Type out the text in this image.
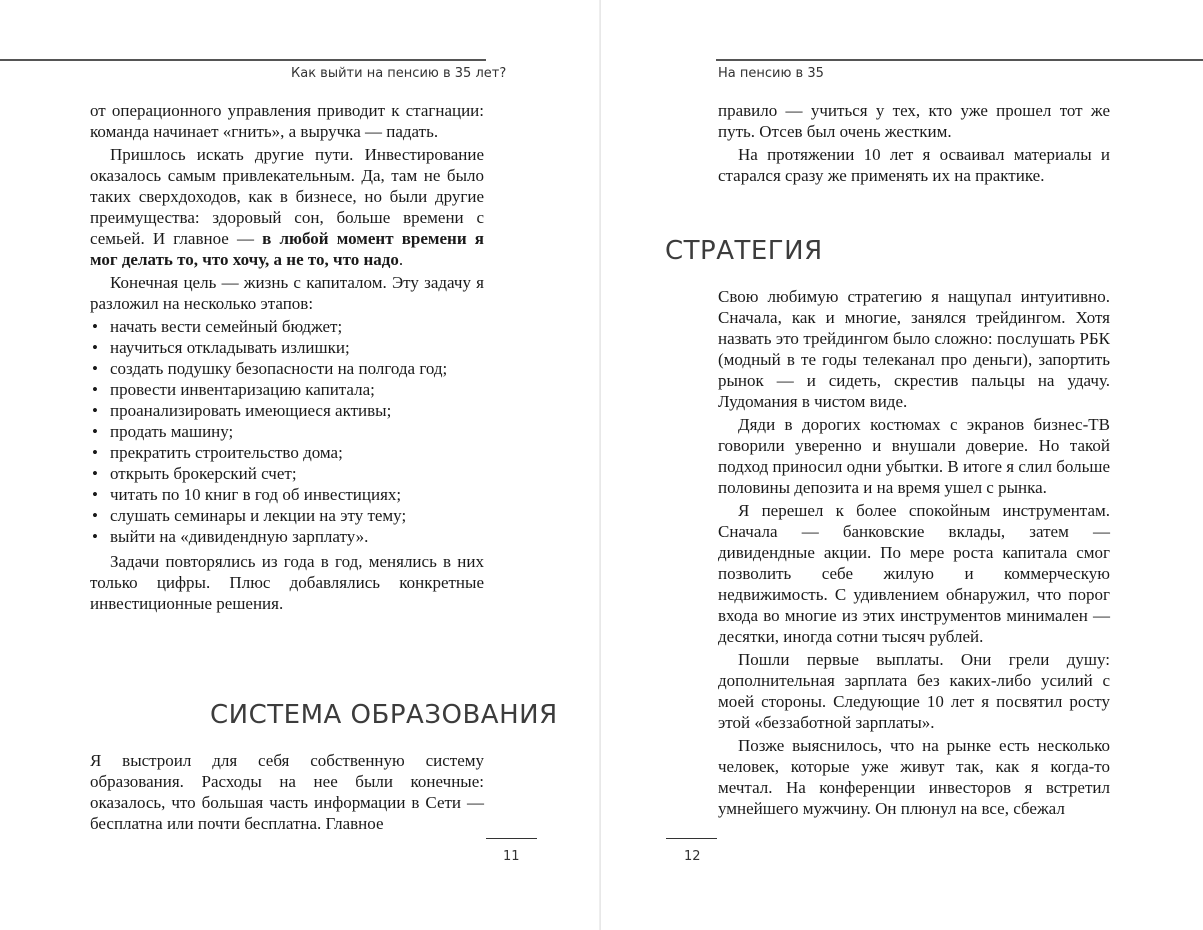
Как выйти на пенсию в 35 лет?

от операционного управления приводит к стагнации: команда начинает «гнить», а выручка — падать.

Пришлось искать другие пути. Инвестирование оказалось самым привлекательным. Да, там не было таких сверхдоходов, как в бизнесе, но были другие преимущества: здоровый сон, больше времени с семьей. И главное — в любой момент времени я мог делать то, что хочу, а не то, что надо.

Конечная цель — жизнь с капиталом. Эту задачу я разложил на несколько этапов:

• начать вести семейный бюджет;
• научиться откладывать излишки;
• создать подушку безопасности на полгода год;
• провести инвентаризацию капитала;
• проанализировать имеющиеся активы;
• продать машину;
• прекратить строительство дома;
• открыть брокерский счет;
• читать по 10 книг в год об инвестициях;
• слушать семинары и лекции на эту тему;
• выйти на «дивидендную зарплату».

Задачи повторялись из года в год, менялись в них только цифры. Плюс добавлялись конкретные инвестиционные решения.

СИСТЕМА ОБРАЗОВАНИЯ

Я выстроил для себя собственную систему образования. Расходы на нее были конечные: оказалось, что большая часть информации в Сети — бесплатна или почти бесплатна. Главное

11
На пенсию в 35

правило — учиться у тех, кто уже прошел тот же путь. Отсев был очень жестким.

На протяжении 10 лет я осваивал материалы и старался сразу же применять их на практике.

СТРАТЕГИЯ

Свою любимую стратегию я нащупал интуитивно. Сначала, как и многие, занялся трейдингом. Хотя назвать это трейдингом было сложно: послушать РБК (модный в те годы телеканал про деньги), запортить рынок — и сидеть, скрестив пальцы на удачу. Лудомания в чистом виде.

Дяди в дорогих костюмах с экранов бизнес-ТВ говорили уверенно и внушали доверие. Но такой подход приносил одни убытки. В итоге я слил больше половины депозита и на время ушел с рынка.

Я перешел к более спокойным инструментам. Сначала — банковские вклады, затем — дивидендные акции. По мере роста капитала смог позволить себе жилую и коммерческую недвижимость. С удивлением обнаружил, что порог входа во многие из этих инструментов минимален — десятки, иногда сотни тысяч рублей.

Пошли первые выплаты. Они грели душу: дополнительная зарплата без каких-либо усилий с моей стороны. Следующие 10 лет я посвятил росту этой «беззаботной зарплаты».

Позже выяснилось, что на рынке есть несколько человек, которые уже живут так, как я когда-то мечтал. На конференции инвесторов я встретил умнейшего мужчину. Он плюнул на все, сбежал

12
